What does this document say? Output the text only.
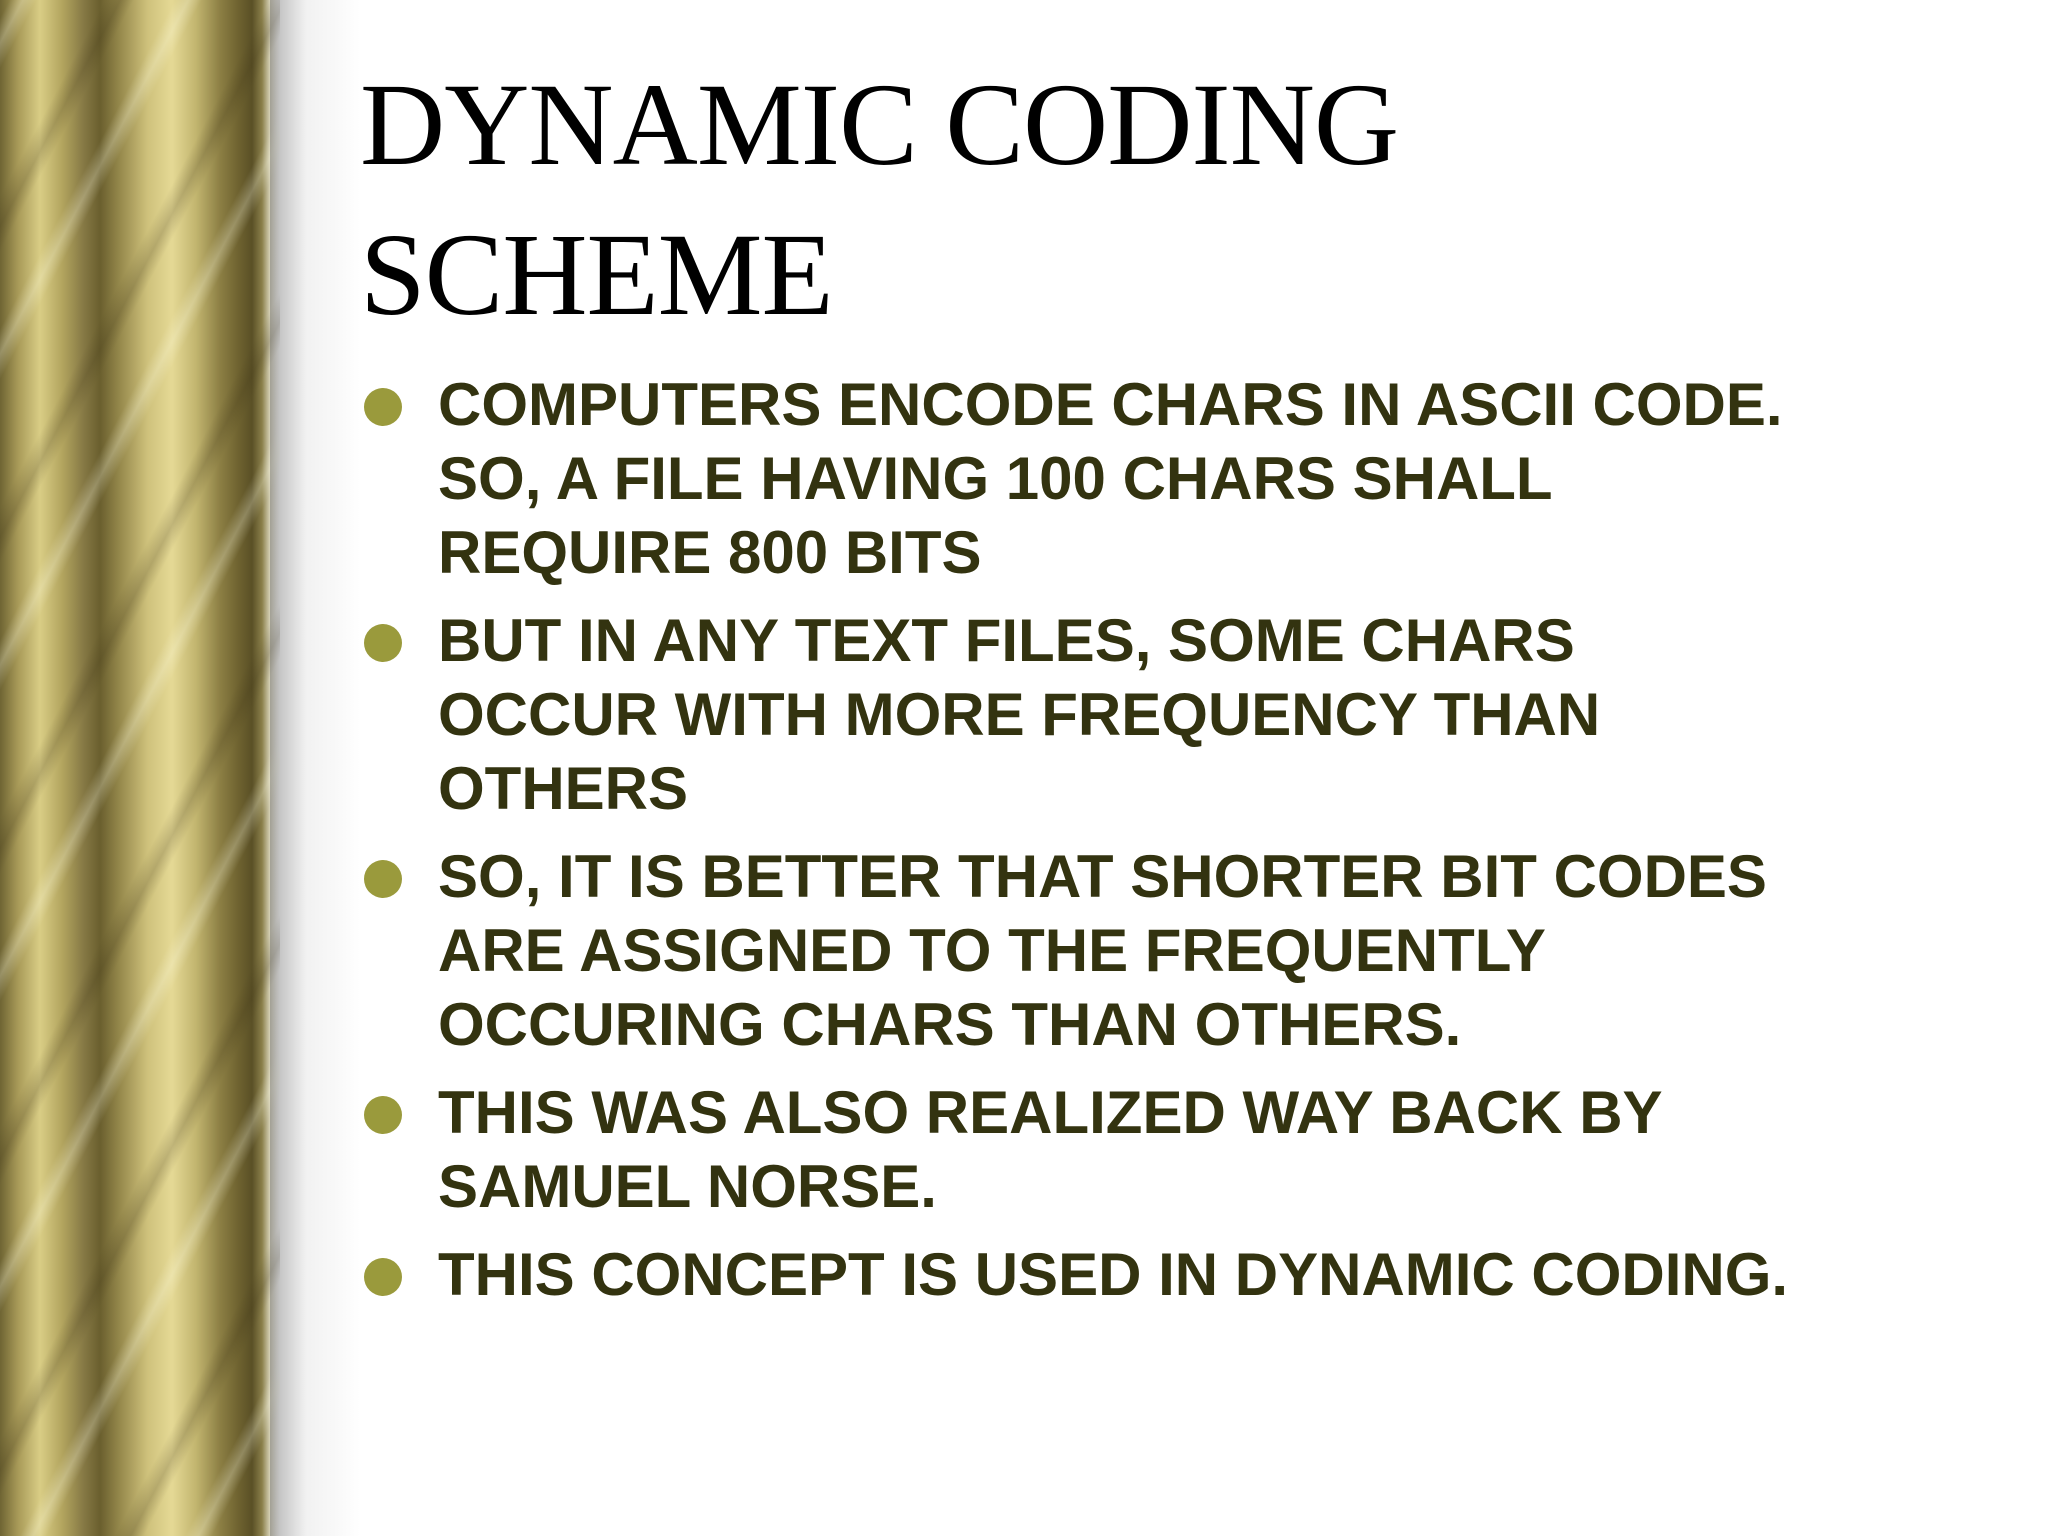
DYNAMIC CODING
SCHEME
COMPUTERS ENCODE CHARS IN ASCII CODE.
SO, A FILE HAVING 100 CHARS SHALL
REQUIRE 800 BITS
BUT IN ANY TEXT FILES, SOME CHARS
OCCUR WITH MORE FREQUENCY THAN
OTHERS
SO, IT IS BETTER THAT SHORTER BIT CODES
ARE ASSIGNED TO THE FREQUENTLY
OCCURING CHARS THAN OTHERS.
THIS WAS ALSO REALIZED WAY BACK BY
SAMUEL NORSE.
THIS CONCEPT IS USED IN DYNAMIC CODING.
